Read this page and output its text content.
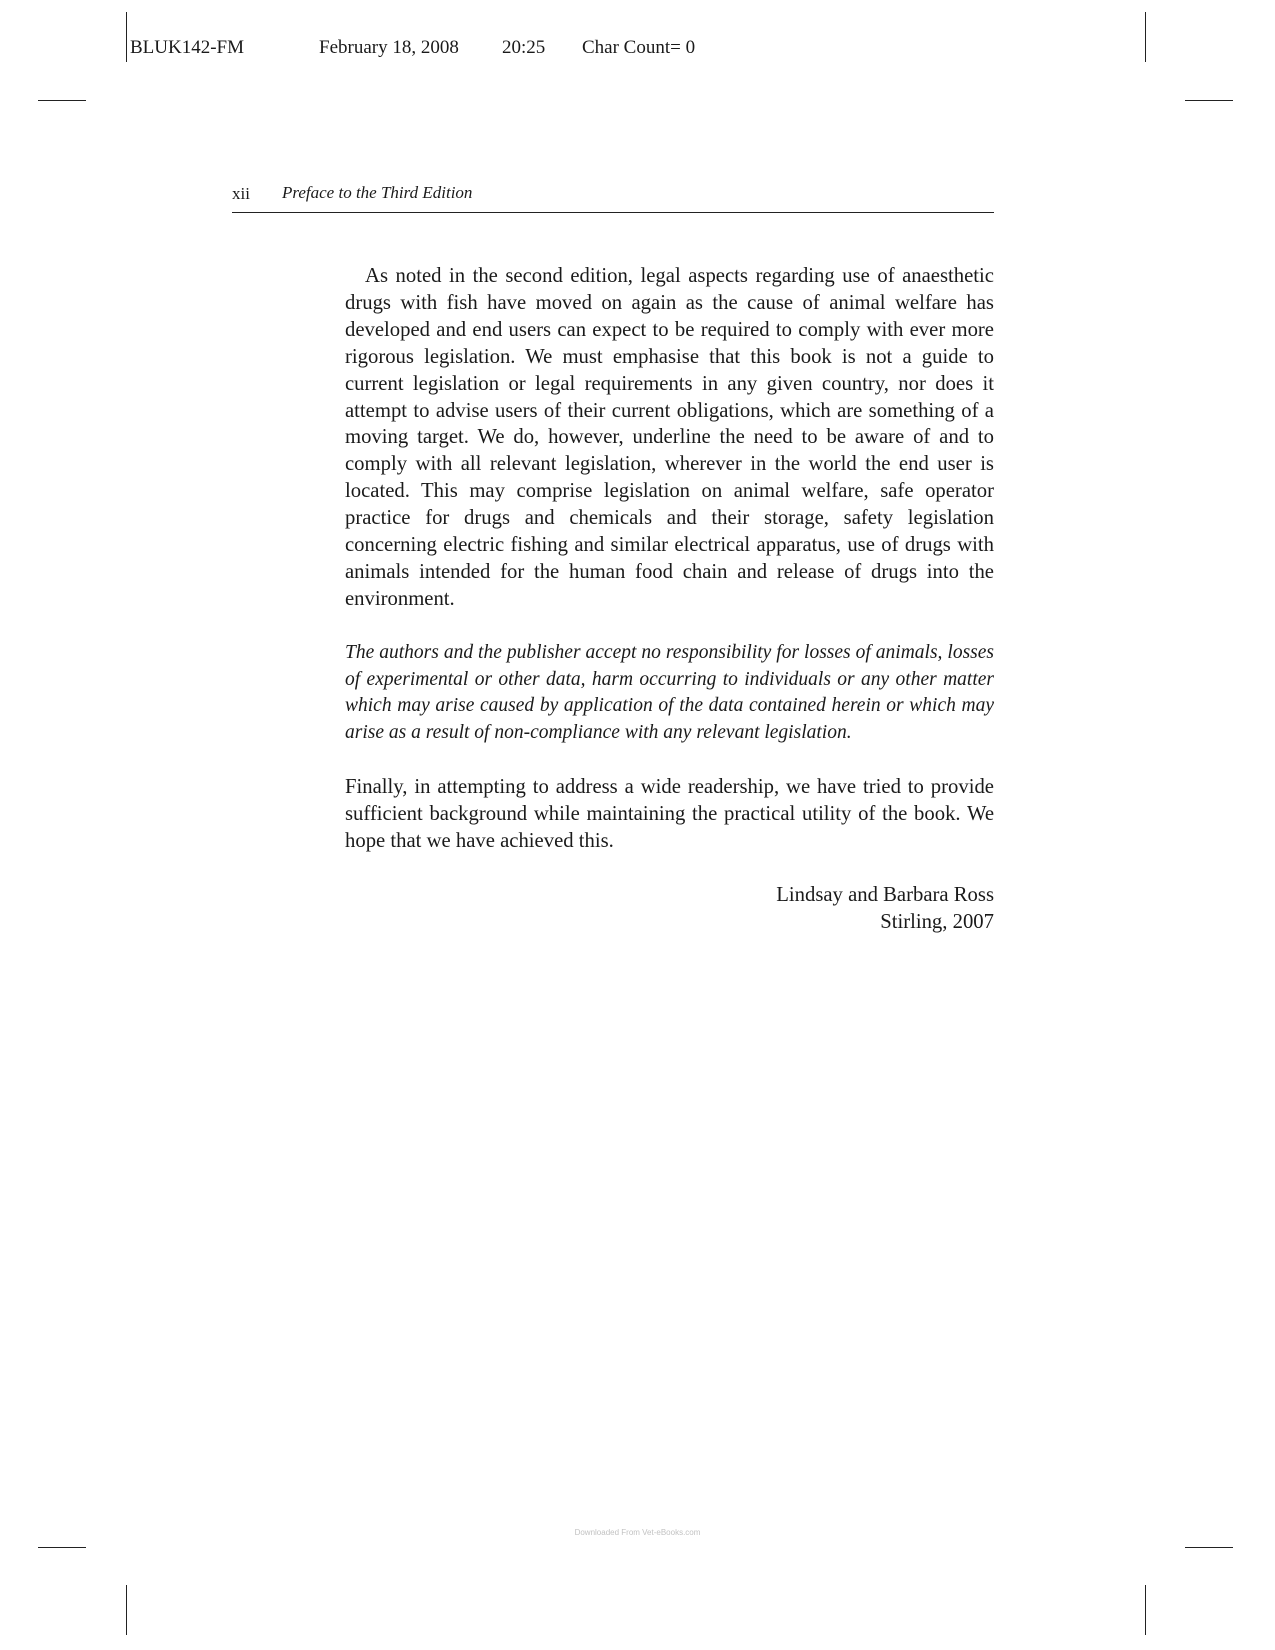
BLUK142-FM	February 18, 2008 20:25 Char Count= 0
xii Preface to the Third Edition

As noted in the second edition, legal aspects regarding use of anaesthetic drugs with fish have moved on again as the cause of animal welfare has developed and end users can expect to be required to comply with ever more rigorous legislation. We must emphasise that this book is not a guide to current legislation or legal requirements in any given country, nor does it attempt to advise users of their current obligations, which are something of a moving target. We do, however, underline the need to be aware of and to comply with all relevant legislation, wherever in the world the end user is located. This may comprise legislation on animal welfare, safe operator practice for drugs and chemicals and their storage, safety legislation concerning electric fishing and similar electrical apparatus, use of drugs with animals intended for the human food chain and release of drugs into the environment.

The authors and the publisher accept no responsibility for losses of animals, losses of experimental or other data, harm occurring to individuals or any other matter which may arise caused by application of the data contained herein or which may arise as a result of non-compliance with any relevant legislation.

Finally, in attempting to address a wide readership, we have tried to provide sufficient background while maintaining the practical utility of the book. We hope that we have achieved this.

Lindsay and Barbara Ross

Stirling, 2007

Downloaded From Vet-eBooks.com
